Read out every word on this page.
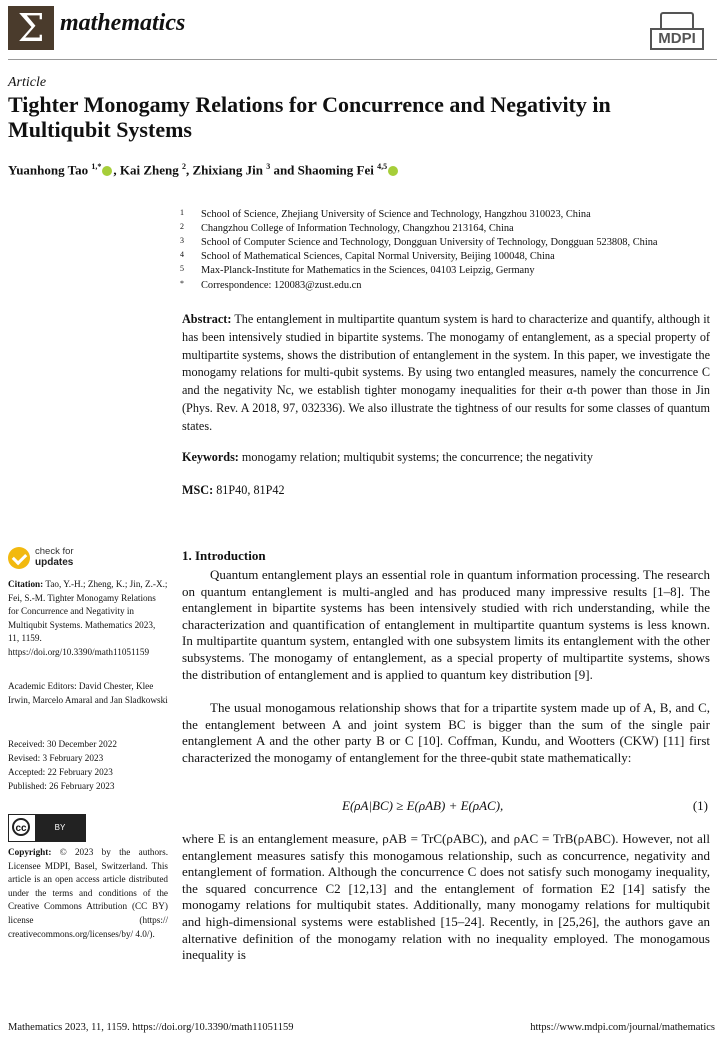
Σ mathematics
MDPI
Article
Tighter Monogamy Relations for Concurrence and Negativity in Multiqubit Systems
Yuanhong Tao $^{1,*}$ , Kai Zheng $^2$, Zhixiang Jin $^3$ and Shaoming Fei $^{4,5}$
1	School of Science, Zhejiang University of Science and Technology, Hangzhou 310023, China
2	Changzhou College of Information Technology, Changzhou 213164, China
3	School of Computer Science and Technology, Dongguan University of Technology, Dongguan 523808, China
4	School of Mathematical Sciences, Capital Normal University, Beijing 100048, China
5	Max-Planck-Institute for Mathematics in the Sciences, 04103 Leipzig, Germany
*	Correspondence: 120083@zust.edu.cn
Abstract: The entanglement in multipartite quantum system is hard to characterize and quantify, although it has been intensively studied in bipartite systems. The monogamy of entanglement, as a special property of multipartite systems, shows the distribution of entanglement in the system. In this paper, we investigate the monogamy relations for multi-qubit systems. By using two entangled measures, namely the concurrence C and the negativity Nc, we establish tighter monogamy inequalities for their α-th power than those in Jin (Phys. Rev. A 2018, 97, 032336). We also illustrate the tightness of our results for some classes of quantum states.
Keywords: monogamy relation; multiqubit systems; the concurrence; the negativity
MSC: 81P40, 81P42
check for
updates
Citation: Tao, Y.-H.; Zheng, K.; Jin, Z.-X.; Fei, S.-M. Tighter Monogamy Relations for Concurrence and Negativity in Multiqubit Systems. Mathematics 2023, 11, 1159. https://doi.org/10.3390/math11051159
Academic Editors: David Chester, Klee Irwin, Marcelo Amaral and Jan Sladkowski
Received: 30 December 2022
Revised: 3 February 2023
Accepted: 22 February 2023
Published: 26 February 2023
cc	BY
Copyright: © 2023 by the authors. Licensee MDPI, Basel, Switzerland. This article is an open access article distributed under the terms and conditions of the Creative Commons Attribution (CC BY) license (https:// creativecommons.org/licenses/by/ 4.0/).
1. Introduction
Quantum entanglement plays an essential role in quantum information processing. The research on quantum entanglement is multi-angled and has produced many impressive results [1–8]. The entanglement in bipartite systems has been intensively studied with rich understanding, while the characterization and quantification of entanglement in multipartite quantum systems is less known. In multipartite quantum system, entangled with one subsystem limits its entanglement with the other subsystems. The monogamy of entanglement, as a special property of multipartite systems, shows the distribution of entanglement and is applied to quantum key distribution [9].
The usual monogamous relationship shows that for a tripartite system made up of A, B, and C, the entanglement between A and joint system BC is bigger than the sum of the single pair entanglement A and the other party B or C [10]. Coffman, Kundu, and Wootters (CKW) [11] first characterized the monogamy of entanglement for the three-qubit state mathematically:
E(ρA|BC) ≥ E(ρAB) + E(ρAC),	(1)
where E is an entanglement measure, ρAB = TrC(ρABC), and ρAC = TrB(ρABC). However, not all entanglement measures satisfy this monogamous relationship, such as concurrence, negativity and entanglement of formation. Although the concurrence C does not satisfy such monogamy inequality, the squared concurrence C2 [12,13] and the entanglement of formation E2 [14] satisfy the monogamy relations for multiqubit states. Additionally, many monogamy relations for multiqubit and high-dimensional systems were established [15–24]. Recently, in [25,26], the authors gave an alternative definition of the monogamy relation with no inequality employed. The monogamous inequality is
Mathematics 2023, 11, 1159. https://doi.org/10.3390/math11051159	https://www.mdpi.com/journal/mathematics
